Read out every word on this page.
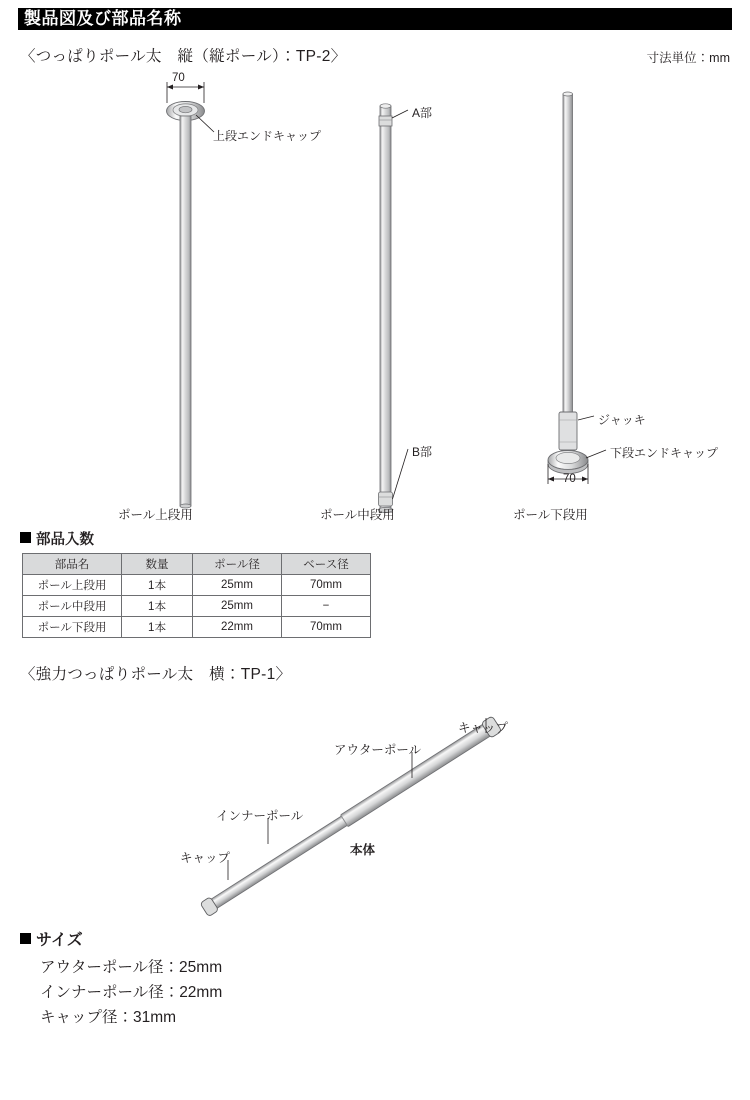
製品図及び部品名称
〈つっぱりポール太　縦（縦ポール）：TP-2〉	寸法単位：mm
70
70
上段エンドキャップ
A部
B部
ジャッキ
下段エンドキャップ
ポール上段用	ポール中段用	ポール下段用
部品入数
部品名	数量	ポール径	ベース径
ポール上段用	1本	25mm	70mm
ポール中段用	1本	25mm	−
ポール下段用	1本	22mm	70mm
〈強力つっぱりポール太　横：TP-1〉
キャップ
アウターポール
インナーポール
キャップ
本体
サイズ
アウターポール径：25mm
インナーポール径：22mm
キャップ径：31mm
